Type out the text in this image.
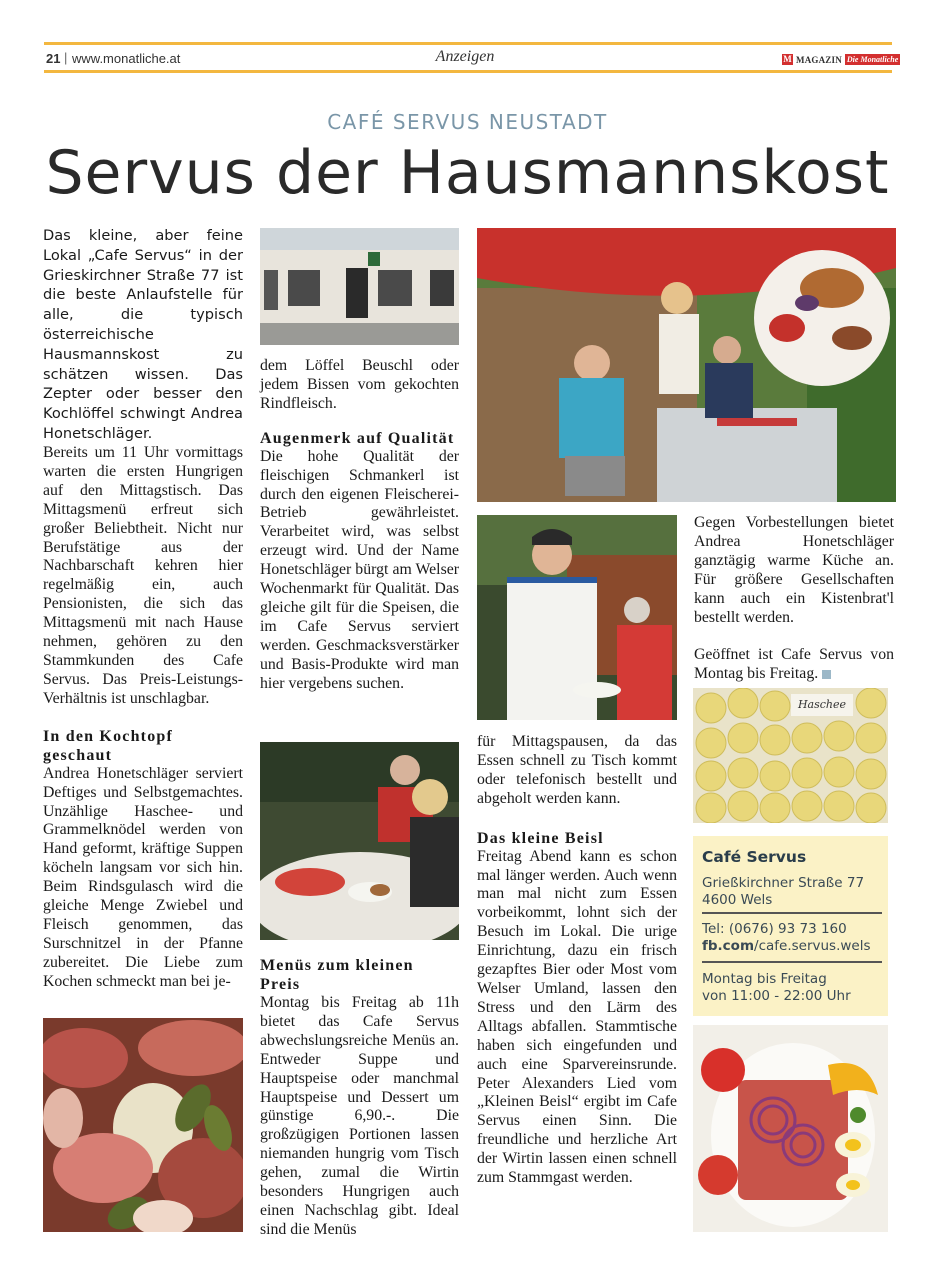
21 | www.monatliche.at	Anzeigen	M MAGAZIN Die Monatliche
CAFÉ SERVUS NEUSTADT
Servus der Hausmannskost
Das kleine, aber feine Lokal „Cafe Servus“ in der Grieskirchner Straße 77 ist die beste Anlaufstelle für alle, die typisch österreichische Hausmannskost zu schätzen wissen. Das Zepter oder besser den Kochlöffel schwingt Andrea Honetschläger.

Bereits um 11 Uhr vormittags warten die ersten Hungrigen auf den Mittagstisch. Das Mittagsmenü erfreut sich großer Beliebtheit. Nicht nur Berufstätige aus der Nachbarschaft kehren hier regelmäßig ein, auch Pensionisten, die sich das Mittagsmenü mit nach Hause nehmen, gehören zu den Stammkunden des Cafe Servus. Das Preis-Leistungs-Verhältnis ist unschlagbar.

In den Kochtopf geschaut

Andrea Honetschläger serviert Deftiges und Selbstgemachtes. Unzählige Haschee- und Grammelknödel werden von Hand geformt, kräftige Suppen köcheln langsam vor sich hin. Beim Rindsgulasch wird die gleiche Menge Zwiebel und Fleisch genommen, das Surschnitzel in der Pfanne zubereitet. Die Liebe zum Kochen schmeckt man bei je-

dem Löffel Beuschl oder jedem Bissen vom gekochten Rindfleisch.

Augenmerk auf Qualität

Die hohe Qualität der fleischigen Schmankerl ist durch den eigenen Fleischerei-Betrieb gewährleistet. Verarbeitet wird, was selbst erzeugt wird. Und der Name Honetschläger bürgt am Welser Wochenmarkt für Qualität. Das gleiche gilt für die Speisen, die im Cafe Servus serviert werden. Geschmacksverstärker und Basis-Produkte wird man hier vergebens suchen.

Menüs zum kleinen Preis

Montag bis Freitag ab 11h bietet das Cafe Servus abwechslungsreiche Menüs an. Entweder Suppe und Hauptspeise oder manchmal Hauptspeise und Dessert um günstige 6,90.-. Die großzügigen Portionen lassen niemanden hungrig vom Tisch gehen, zumal die Wirtin besonders Hungrigen auch einen Nachschlag gibt. Ideal sind die Menüs

für Mittagspausen, da das Essen schnell zu Tisch kommt oder telefonisch bestellt und abgeholt werden kann.

Das kleine Beisl

Freitag Abend kann es schon mal länger werden. Auch wenn man mal nicht zum Essen vorbeikommt, lohnt sich der Besuch im Lokal. Die urige Einrichtung, dazu ein frisch gezapftes Bier oder Most vom Welser Umland, lassen den Stress und den Lärm des Alltags abfallen. Stammtische haben sich eingefunden und auch eine Sparvereinsrunde. Peter Alexanders Lied vom „Kleinen Beisl“ ergibt im Cafe Servus einen Sinn. Die freundliche und herzliche Art der Wirtin lassen einen schnell zum Stammgast werden.

Gegen Vorbestellungen bietet Andrea Honetschläger ganztägig warme Küche an. Für größere Gesellschaften kann auch ein Kistenbrat'l bestellt werden.

Geöffnet ist Cafe Servus von Montag bis Freitag.

Haschee
Café Servus
Grießkirchner Straße 77
4600 Wels
Tel: (0676) 93 73 160
fb.com/cafe.servus.wels
Montag bis Freitag
von 11:00 - 22:00 Uhr
